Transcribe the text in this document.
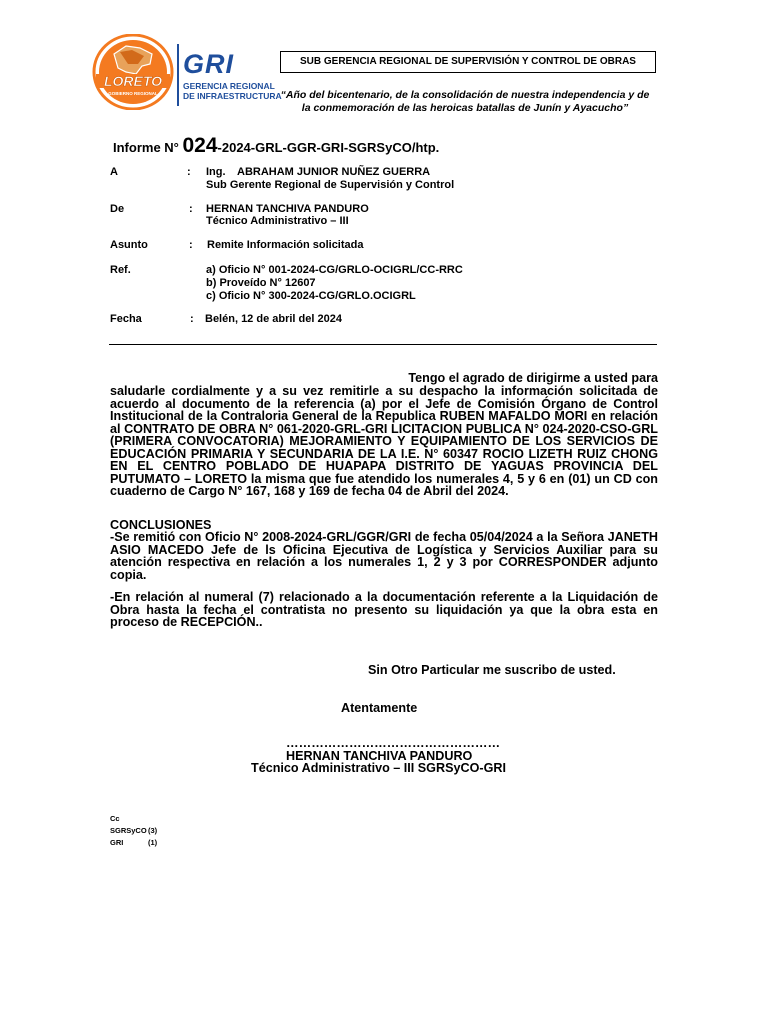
LORETO
GOBIERNO REGIONAL
GRI
GERENCIA REGIONAL
DE INFRAESTRUCTURA
SUB GERENCIA REGIONAL DE SUPERVISIÓN Y CONTROL DE OBRAS
“Año del bicentenario, de la consolidación de nuestra independencia y de
la conmemoración de las heroicas batallas de Junín y Ayacucho”
Informe N° 024-2024-GRL-GGR-GRI-SGRSyCO/htp.
A	: Ing. ABRAHAM JUNIOR NUÑEZ GUERRA
Sub Gerente Regional de Supervisión y Control
De	: HERNAN TANCHIVA PANDURO
Técnico Administrativo – III
Asunto	: Remite Información solicitada
Ref.	a) Oficio N° 001-2024-CG/GRLO-OCIGRL/CC-RRC
b) Proveído N° 12607
c) Oficio N° 300-2024-CG/GRLO.OCIGRL
Fecha	: Belén, 12 de abril del 2024
Tengo el agrado de dirigirme a usted para
saludarle cordialmente y a su vez remitirle a su despacho la información solicitada de acuerdo al documento de la referencia (a) por el Jefe de Comisión Órgano de Control Institucional de la Contraloria General de la Republica RUBEN MAFALDO MORI en relación al CONTRATO DE OBRA N° 061-2020-GRL-GRI LICITACION PUBLICA N° 024-2020-CSO-GRL (PRIMERA CONVOCATORIA) MEJORAMIENTO Y EQUIPAMIENTO DE LOS SERVICIOS DE EDUCACIÓN PRIMARIA Y SECUNDARIA DE LA I.E. N° 60347 ROCIO LIZETH RUIZ CHONG EN EL CENTRO POBLADO DE HUAPAPA DISTRITO DE YAGUAS PROVINCIA DEL PUTUMATO – LORETO la misma que fue atendido los numerales 4, 5 y 6 en (01) un CD con cuaderno de Cargo N° 167, 168 y 169 de fecha 04 de Abril del 2024.
CONCLUSIONES
-Se remitió con Oficio N° 2008-2024-GRL/GGR/GRI de fecha 05/04/2024 a la Señora JANETH ASIO MACEDO Jefe de ls Oficina Ejecutiva de Logística y Servicios Auxiliar para su atención respectiva en relación a los numerales 1, 2 y 3 por CORRESPONDER adjunto copia.
-En relación al numeral (7) relacionado a la documentación referente a la Liquidación de Obra hasta la fecha el contratista no presento su liquidación ya que la obra esta en proceso de RECEPCIÓN..
Sin Otro Particular me suscribo de usted.
Atentamente
……………………………………………
HERNAN TANCHIVA PANDURO
Técnico Administrativo – III SGRSyCO-GRI
Cc
SGRSyCO (3)
GRI	(1)
